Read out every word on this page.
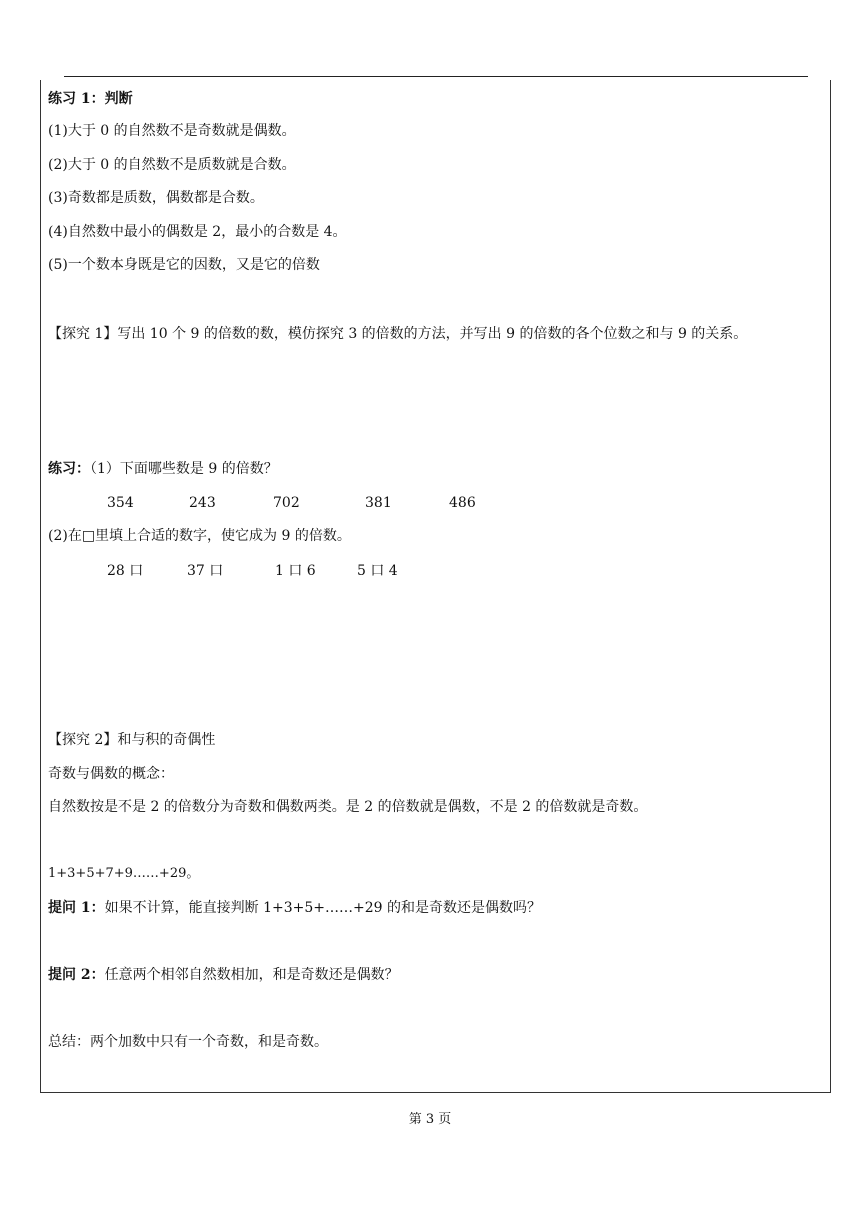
练习 1：判断
(1)大于 0 的自然数不是奇数就是偶数。
(2)大于 0 的自然数不是质数就是合数。
(3)奇数都是质数，偶数都是合数。
(4)自然数中最小的偶数是 2，最小的合数是 4。
(5)一个数本身既是它的因数，又是它的倍数
【探究 1】写出 10 个 9 的倍数的数，模仿探究 3 的倍数的方法，并写出 9 的倍数的各个位数之和与 9 的关系。
练习：（1）下面哪些数是 9 的倍数？
354	243	702	381	486
(2)在□里填上合适的数字，使它成为 9 的倍数。
28 口	37 口	1 口 6	5 口 4
【探究 2】和与积的奇偶性
奇数与偶数的概念：
自然数按是不是 2 的倍数分为奇数和偶数两类。是 2 的倍数就是偶数，不是 2 的倍数就是奇数。
1+3+5+7+9……+29。
提问 1：如果不计算，能直接判断 1+3+5+……+29 的和是奇数还是偶数吗？
提问 2：任意两个相邻自然数相加，和是奇数还是偶数？
总结：两个加数中只有一个奇数，和是奇数。
第 3 页
